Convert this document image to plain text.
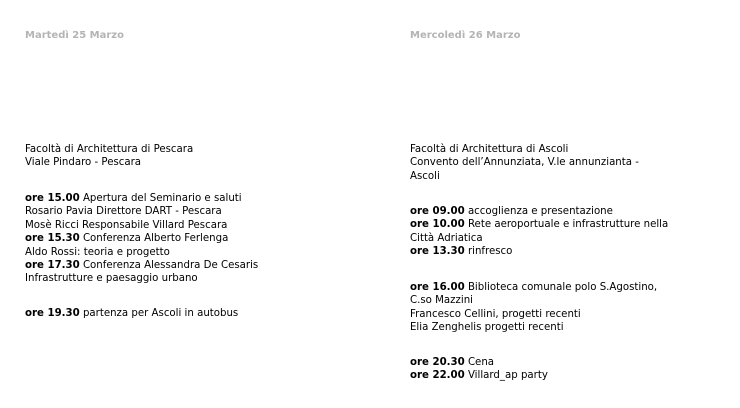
Martedì 25 Marzo
Facoltà di Architettura di Pescara
Viale Pindaro - Pescara
ore 15.00 Apertura del Seminario e saluti
Rosario Pavia Direttore DART - Pescara
Mosè Ricci Responsabile Villard Pescara
ore 15.30 Conferenza Alberto Ferlenga
Aldo Rossi: teoria e progetto
ore 17.30 Conferenza Alessandra De Cesaris
Infrastrutture e paesaggio urbano
ore 19.30 partenza per Ascoli in autobus
Mercoledì 26 Marzo
Facoltà di Architettura di Ascoli
Convento dell’Annunziata, V.le annunzianta -
Ascoli
ore 09.00 accoglienza e presentazione
ore 10.00 Rete aeroportuale e infrastrutture nella
Città Adriatica
ore 13.30 rinfresco
ore 16.00 Biblioteca comunale polo S.Agostino,
C.so Mazzini
Francesco Cellini, progetti recenti
Elia Zenghelis progetti recenti
ore 20.30 Cena
ore 22.00 Villard_ap party
